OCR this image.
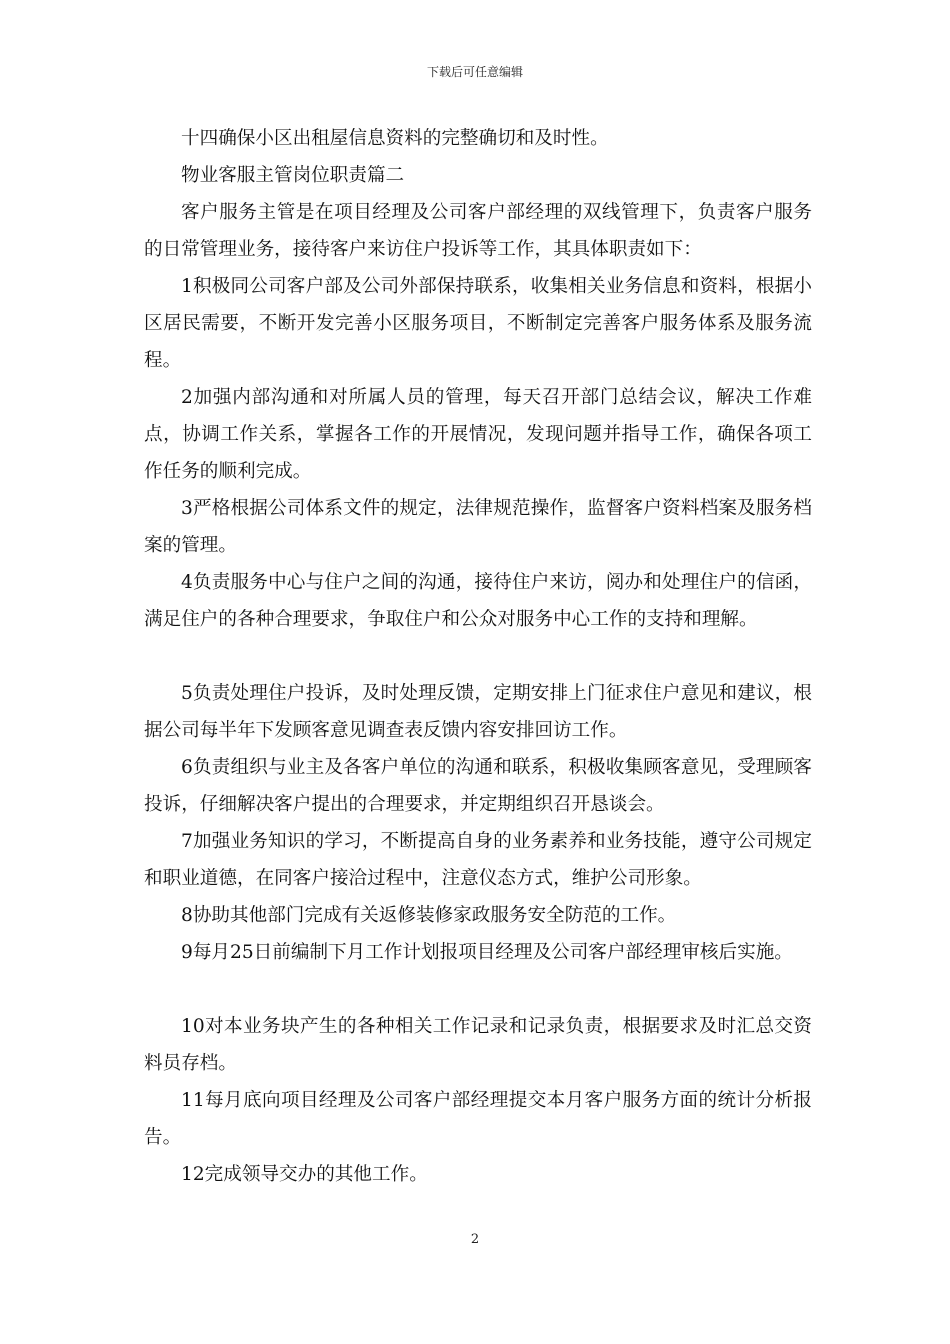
下载后可任意编辑

十四确保小区出租屋信息资料的完整确切和及时性。

物业客服主管岗位职责篇二

客户服务主管是在项目经理及公司客户部经理的双线管理下，负责客户服务的日常管理业务，接待客户来访住户投诉等工作，其具体职责如下：

1积极同公司客户部及公司外部保持联系，收集相关业务信息和资料，根据小区居民需要，不断开发完善小区服务项目，不断制定完善客户服务体系及服务流程。

2加强内部沟通和对所属人员的管理，每天召开部门总结会议，解决工作难点，协调工作关系，掌握各工作的开展情况，发现问题并指导工作，确保各项工作任务的顺利完成。

3严格根据公司体系文件的规定，法律规范操作，监督客户资料档案及服务档案的管理。

4负责服务中心与住户之间的沟通，接待住户来访，阅办和处理住户的信函，满足住户的各种合理要求，争取住户和公众对服务中心工作的支持和理解。

5负责处理住户投诉，及时处理反馈，定期安排上门征求住户意见和建议，根据公司每半年下发顾客意见调查表反馈内容安排回访工作。

6负责组织与业主及各客户单位的沟通和联系，积极收集顾客意见，受理顾客投诉，仔细解决客户提出的合理要求，并定期组织召开恳谈会。

7加强业务知识的学习，不断提高自身的业务素养和业务技能，遵守公司规定和职业道德，在同客户接洽过程中，注意仪态方式，维护公司形象。

8协助其他部门完成有关返修装修家政服务安全防范的工作。

9每月25日前编制下月工作计划报项目经理及公司客户部经理审核后实施。

10对本业务块产生的各种相关工作记录和记录负责，根据要求及时汇总交资料员存档。

11每月底向项目经理及公司客户部经理提交本月客户服务方面的统计分析报告。

12完成领导交办的其他工作。

2
